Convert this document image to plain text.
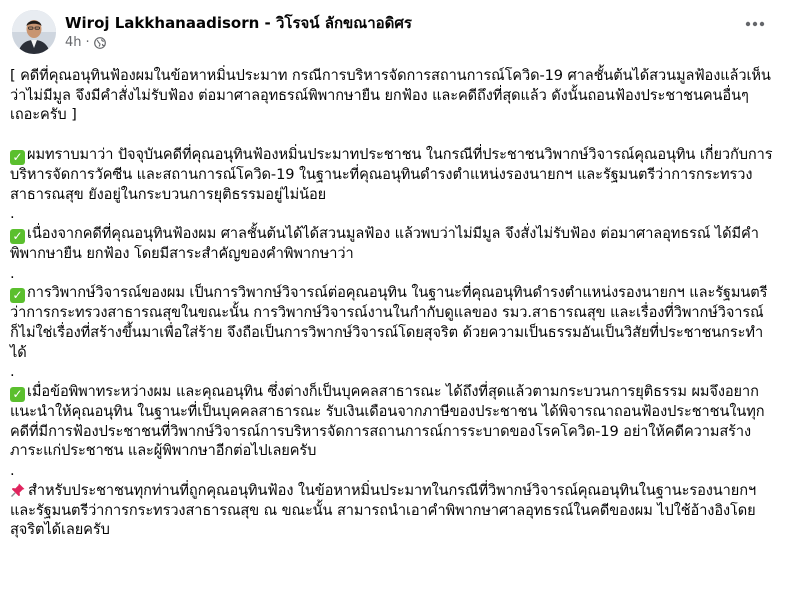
Wiroj Lakkhanaadisorn - วิโรจน์ ลักขณาอดิศร
4h ·

[ คดีที่คุณอนุทินฟ้องผมในข้อหาหมิ่นประมาท กรณีการบริหารจัดการสถานการณ์โควิด-19 ศาลชั้นต้นได้สวนมูลฟ้องแล้วเห็นว่าไม่มีมูล จึงมีคำสั่งไม่รับฟ้อง ต่อมาศาลอุทธรณ์พิพากษายืน ยกฟ้อง และคดีถึงที่สุดแล้ว ดังนั้นถอนฟ้องประชาชนคนอื่นๆ เถอะครับ ]

✓ ผมทราบมาว่า ปัจจุบันคดีที่คุณอนุทินฟ้องหมิ่นประมาทประชาชน ในกรณีที่ประชาชนวิพากษ์วิจารณ์คุณอนุทิน เกี่ยวกับการบริหารจัดการวัคซีน และสถานการณ์โควิด-19 ในฐานะที่คุณอนุทินดำรงตำแหน่งรองนายกฯ และรัฐมนตรีว่าการกระทรวงสาธารณสุข ยังอยู่ในกระบวนการยุติธรรมอยู่ไม่น้อย

.

✓ เนื่องจากคดีที่คุณอนุทินฟ้องผม ศาลชั้นต้นได้ได้สวนมูลฟ้อง แล้วพบว่าไม่มีมูล จึงสั่งไม่รับฟ้อง ต่อมาศาลอุทธรณ์ ได้มีคำพิพากษายืน ยกฟ้อง โดยมีสาระสำคัญของคำพิพากษาว่า

.

✓ การวิพากษ์วิจารณ์ของผม เป็นการวิพากษ์วิจารณ์ต่อคุณอนุทิน ในฐานะที่คุณอนุทินดำรงตำแหน่งรองนายกฯ และรัฐมนตรีว่าการกระทรวงสาธารณสุขในขณะนั้น การวิพากษ์วิจารณ์งานในกำกับดูแลของ รมว.สาธารณสุข และเรื่องที่วิพากษ์วิจารณ์ ก็ไม่ใช่เรื่องที่สร้างขึ้นมาเพื่อใส่ร้าย จึงถือเป็นการวิพากษ์วิจารณ์โดยสุจริต ด้วยความเป็นธรรมอันเป็นวิสัยที่ประชาชนกระทำได้

.

✓ เมื่อข้อพิพาทระหว่างผม และคุณอนุทิน ซึ่งต่างก็เป็นบุคคลสาธารณะ ได้ถึงที่สุดแล้วตามกระบวนการยุติธรรม ผมจึงอยากแนะนำให้คุณอนุทิน ในฐานะที่เป็นบุคคลสาธารณะ รับเงินเดือนจากภาษีของประชาชน ได้พิจารณาถอนฟ้องประชาชนในทุกคดีที่มีการฟ้องประชาชนที่วิพากษ์วิจารณ์การบริหารจัดการสถานการณ์การระบาดของโรคโควิด-19 อย่าให้คดีความสร้างภาระแก่ประชาชน และผู้พิพากษาอีกต่อไปเลยครับ

.

สำหรับประชาชนทุกท่านที่ถูกคุณอนุทินฟ้อง ในข้อหาหมิ่นประมาทในกรณีที่วิพากษ์วิจารณ์คุณอนุทินในฐานะรองนายกฯ และรัฐมนตรีว่าการกระทรวงสาธารณสุข ณ ขณะนั้น สามารถนำเอาคำพิพากษาศาลอุทธรณ์ในคดีของผม ไปใช้อ้างอิงโดยสุจริตได้เลยครับ
